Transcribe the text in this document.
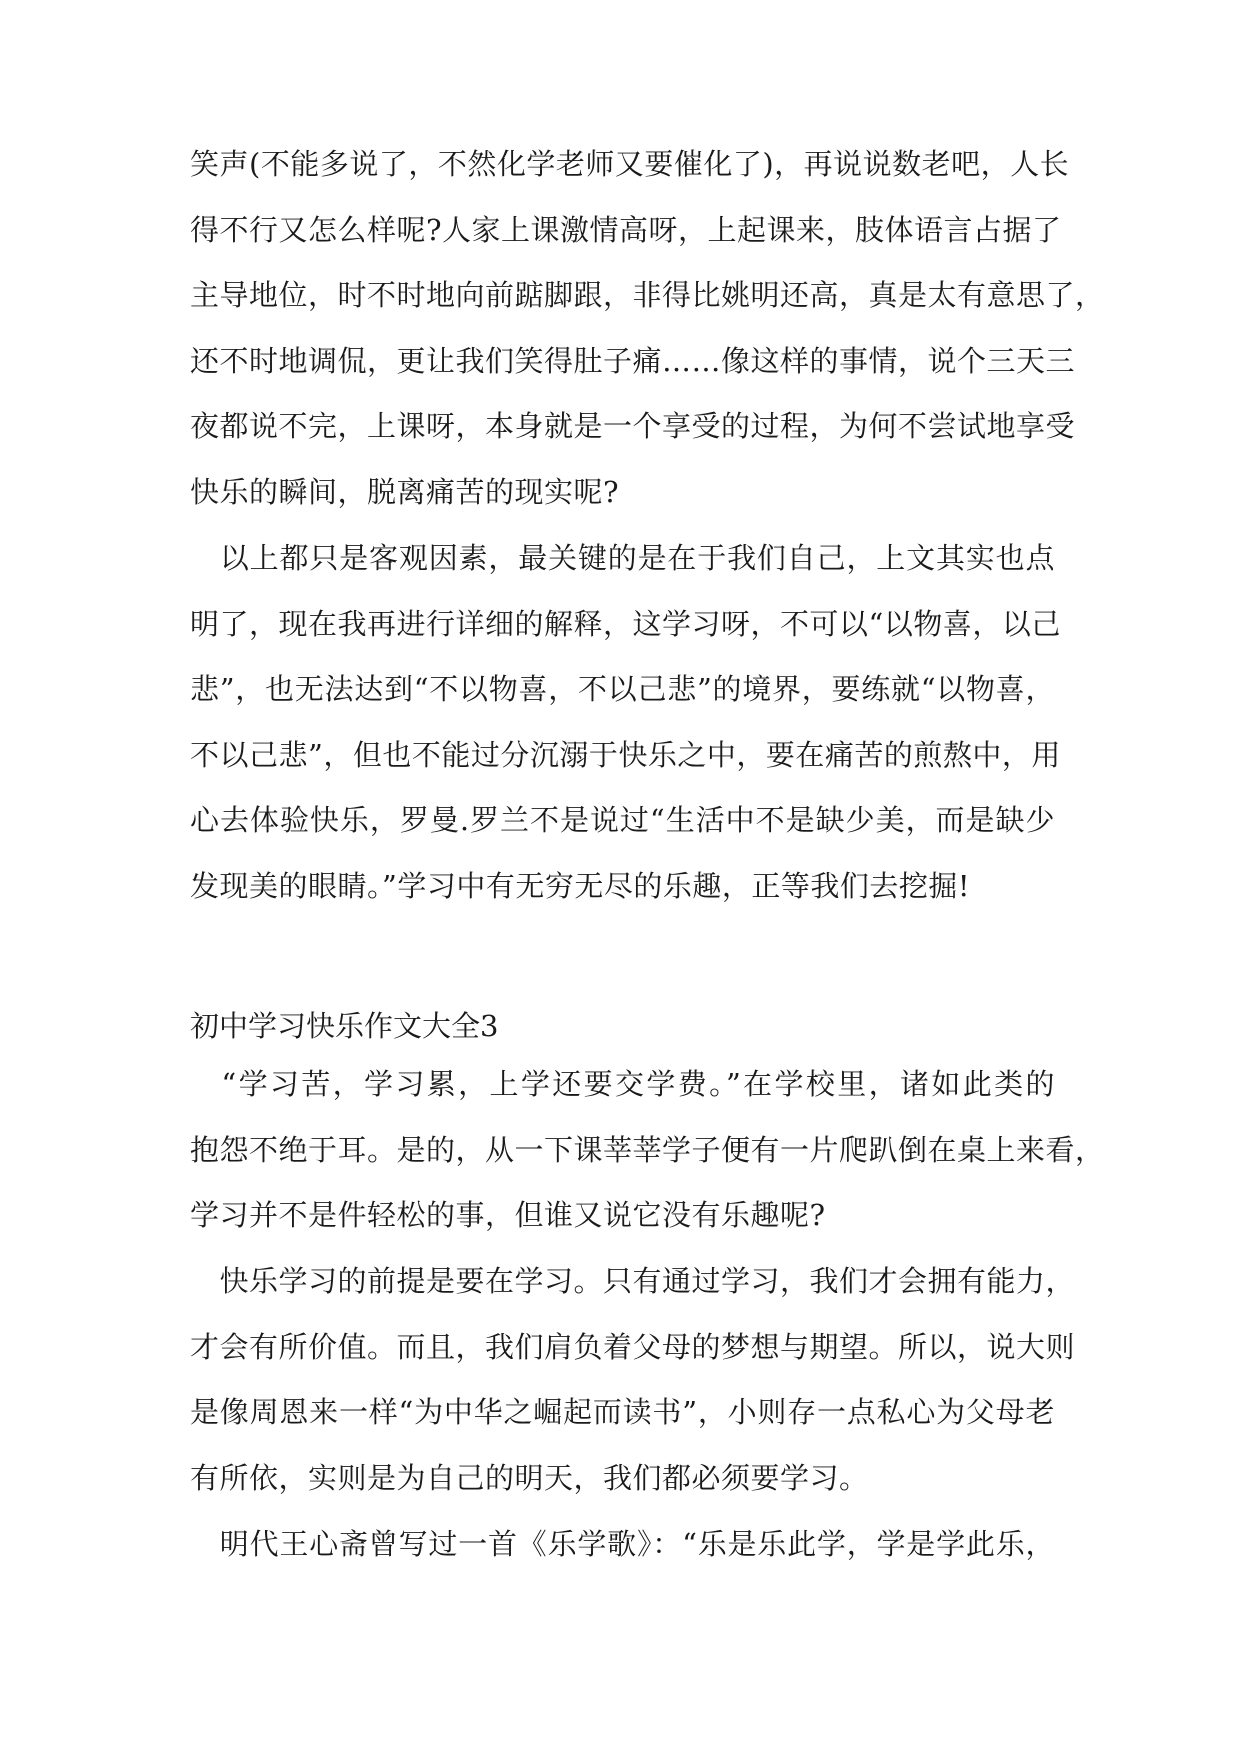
笑声(不能多说了，不然化学老师又要催化了)，再说说数老吧，人长
得不行又怎么样呢?人家上课激情高呀，上起课来，肢体语言占据了
主导地位，时不时地向前踮脚跟，非得比姚明还高，真是太有意思了，
还不时地调侃，更让我们笑得肚子痛……像这样的事情，说个三天三
夜都说不完，上课呀，本身就是一个享受的过程，为何不尝试地享受
快乐的瞬间，脱离痛苦的现实呢?
　以上都只是客观因素，最关键的是在于我们自己，上文其实也点
明了，现在我再进行详细的解释，这学习呀，不可以“以物喜，以己
悲”，也无法达到“不以物喜，不以己悲”的境界，要练就“以物喜，
不以己悲”，但也不能过分沉溺于快乐之中，要在痛苦的煎熬中，用
心去体验快乐，罗曼.罗兰不是说过“生活中不是缺少美，而是缺少
发现美的眼睛。”学习中有无穷无尽的乐趣，正等我们去挖掘!
初中学习快乐作文大全3
　“学习苦，学习累，上学还要交学费。”在学校里，诸如此类的
抱怨不绝于耳。是的，从一下课莘莘学子便有一片爬趴倒在桌上来看，
学习并不是件轻松的事，但谁又说它没有乐趣呢?
　快乐学习的前提是要在学习。只有通过学习，我们才会拥有能力，
才会有所价值。而且，我们肩负着父母的梦想与期望。所以，说大则
是像周恩来一样“为中华之崛起而读书”，小则存一点私心为父母老
有所依，实则是为自己的明天，我们都必须要学习。
　明代王心斋曾写过一首《乐学歌》：“乐是乐此学，学是学此乐，
